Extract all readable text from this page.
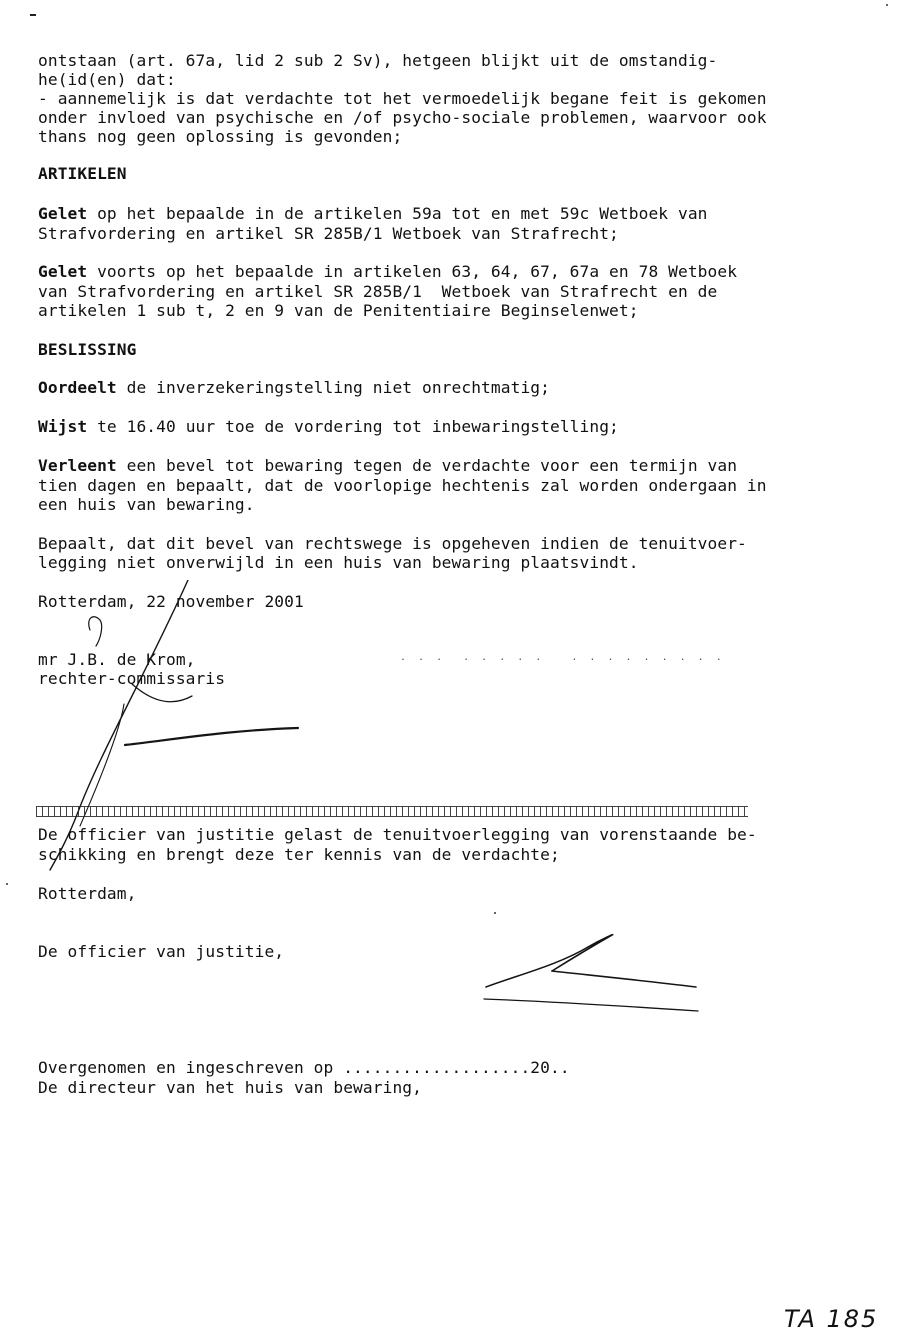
ontstaan (art. 67a, lid 2 sub 2 Sv), hetgeen blijkt uit de omstandig-
he(id(en) dat:
- aannemelijk is dat verdachte tot het vermoedelijk begane feit is gekomen
onder invloed van psychische en /of psycho-sociale problemen, waarvoor ook
thans nog geen oplossing is gevonden;
ARTIKELEN
Gelet op het bepaalde in de artikelen 59a tot en met 59c Wetboek van
Strafvordering en artikel SR 285B/1 Wetboek van Strafrecht;
Gelet voorts op het bepaalde in artikelen 63, 64, 67, 67a en 78 Wetboek
van Strafvordering en artikel SR 285B/1  Wetboek van Strafrecht en de
artikelen 1 sub t, 2 en 9 van de Penitentiaire Beginselenwet;
BESLISSING
Oordeelt de inverzekeringstelling niet onrechtmatig;
Wijst te 16.40 uur toe de vordering tot inbewaringstelling;
Verleent een bevel tot bewaring tegen de verdachte voor een termijn van
tien dagen en bepaalt, dat de voorlopige hechtenis zal worden ondergaan in
een huis van bewaring.
Bepaalt, dat dit bevel van rechtswege is opgeheven indien de tenuitvoer-
legging niet onverwijld in een huis van bewaring plaatsvindt.
Rotterdam, 22 november 2001
mr J.B. de Krom,
rechter-commissaris
. . .  . . . . .   . . . . . . . . .
De officier van justitie gelast de tenuitvoerlegging van vorenstaande be-
schikking en brengt deze ter kennis van de verdachte;
Rotterdam,
De officier van justitie,
Overgenomen en ingeschreven op ...................20..
De directeur van het huis van bewaring,
TA 185
